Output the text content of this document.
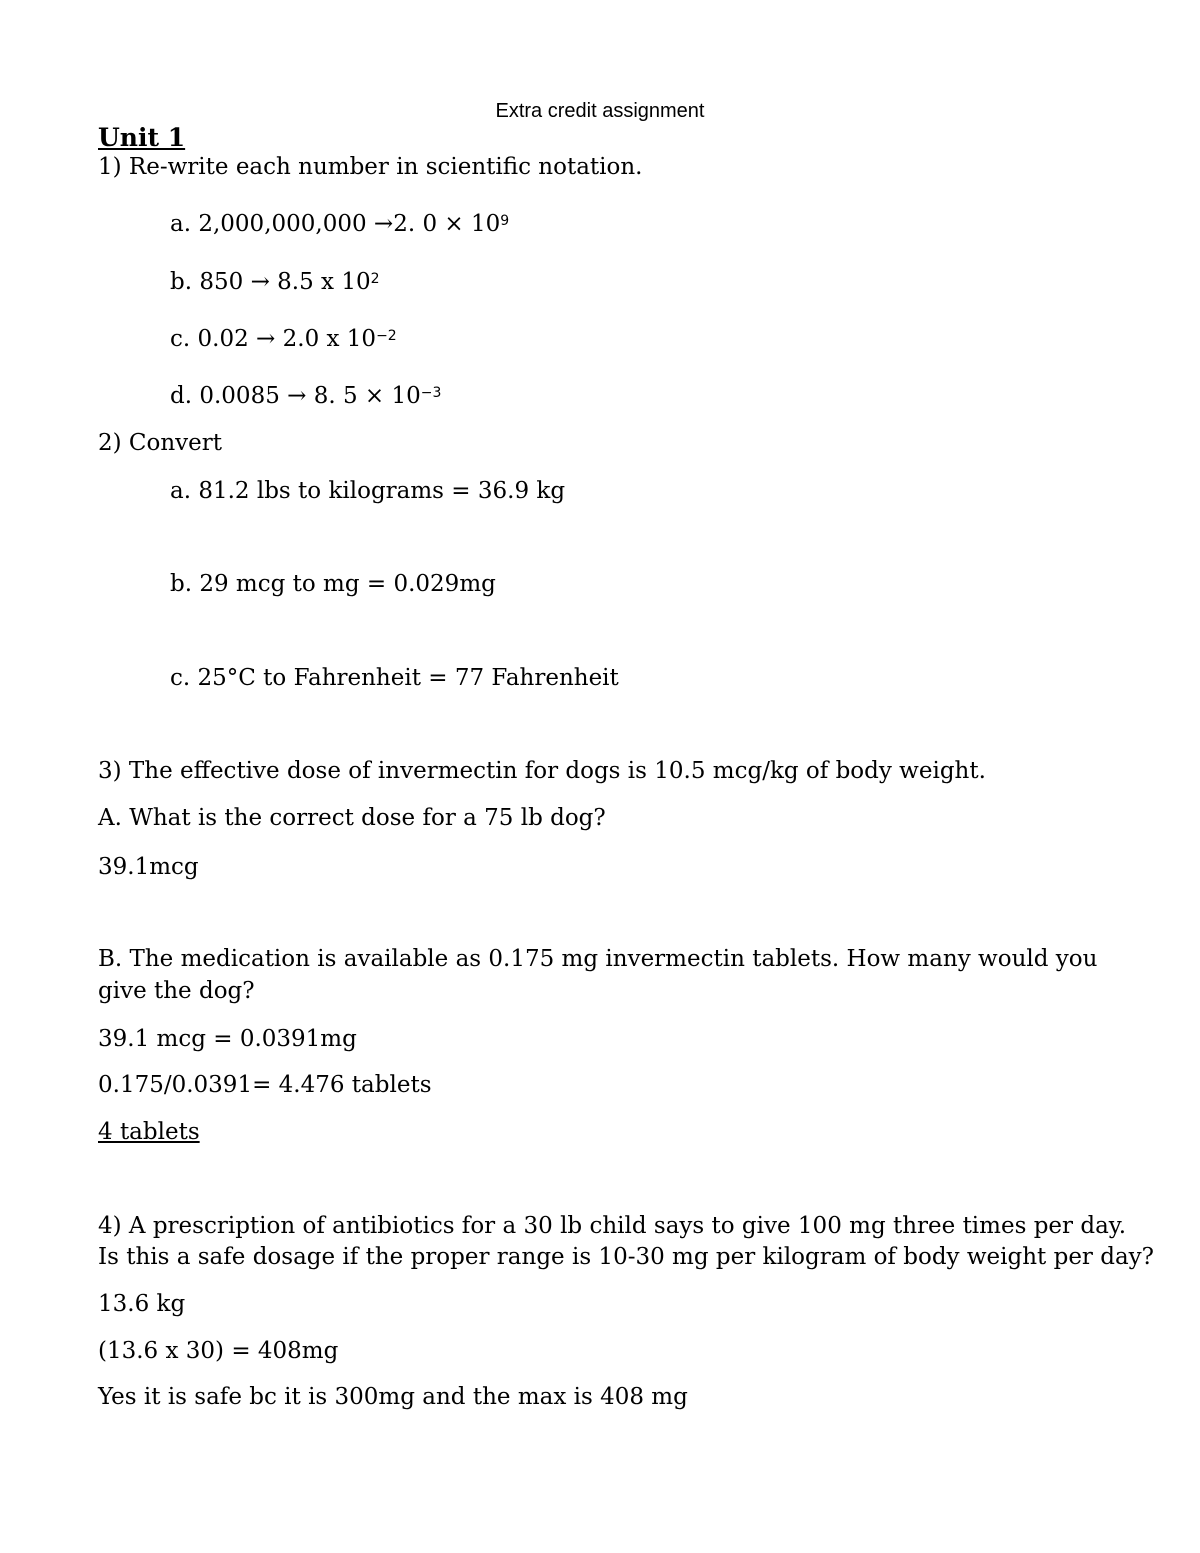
Extra credit assignment
Unit 1
1) Re-write each number in scientific notation.
a. 2,000,000,000 →2. $0 \times 10^9$
b. 850 → 8.5 x $10^2$
c. 0.02 → 2.0 x $10^{-2}$
d. 0.0085 → 8. $5 \times 10^{-3}$
2) Convert
a. 81.2 lbs to kilograms = 36.9 kg
b. 29 mcg to mg = 0.029mg
c. 25°C to Fahrenheit = 77 Fahrenheit
3) The effective dose of invermectin for dogs is 10.5 mcg/kg of body weight.
A. What is the correct dose for a 75 lb dog?
39.1mcg
B. The medication is available as 0.175 mg invermectin tablets. How many would you
give the dog?
39.1 mcg = 0.0391mg
0.175/0.0391= 4.476 tablets
4 tablets
4) A prescription of antibiotics for a 30 lb child says to give 100 mg three times per day.
Is this a safe dosage if the proper range is 10-30 mg per kilogram of body weight per day?
13.6 kg
(13.6 x 30) = 408mg
Yes it is safe bc it is 300mg and the max is 408 mg
